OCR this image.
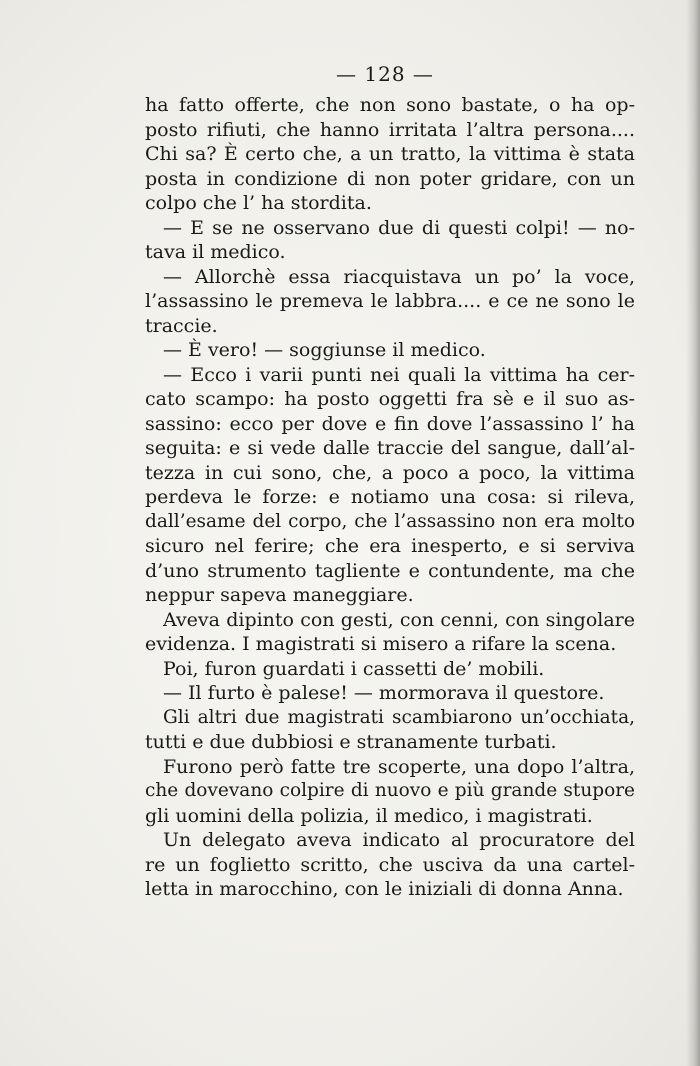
— 128 —
ha fatto offerte, che non sono bastate, o ha op-
posto rifiuti, che hanno irritata l’altra persona....
Chi sa? È certo che, a un tratto, la vittima è stata
posta in condizione di non poter gridare, con un
colpo che l’ ha stordita.
— E se ne osservano due di questi colpi! — no-
tava il medico.
— Allorchè essa riacquistava un po’ la voce,
l’assassino le premeva le labbra.... e ce ne sono le
traccie.
— È vero! — soggiunse il medico.
— Ecco i varii punti nei quali la vittima ha cer-
cato scampo: ha posto oggetti fra sè e il suo as-
sassino: ecco per dove e fin dove l’assassino l’ ha
seguita: e si vede dalle traccie del sangue, dall’al-
tezza in cui sono, che, a poco a poco, la vittima
perdeva le forze: e notiamo una cosa: si rileva,
dall’esame del corpo, che l’assassino non era molto
sicuro nel ferire; che era inesperto, e si serviva
d’uno strumento tagliente e contundente, ma che
neppur sapeva maneggiare.
Aveva dipinto con gesti, con cenni, con singolare
evidenza. I magistrati si misero a rifare la scena.
Poi, furon guardati i cassetti de’ mobili.
— Il furto è palese! — mormorava il questore.
Gli altri due magistrati scambiarono un’occhiata,
tutti e due dubbiosi e stranamente turbati.
Furono però fatte tre scoperte, una dopo l’altra,
che dovevano colpire di nuovo e più grande stupore
gli uomini della polizia, il medico, i magistrati.
Un delegato aveva indicato al procuratore del
re un foglietto scritto, che usciva da una cartel-
letta in marocchino, con le iniziali di donna Anna.
